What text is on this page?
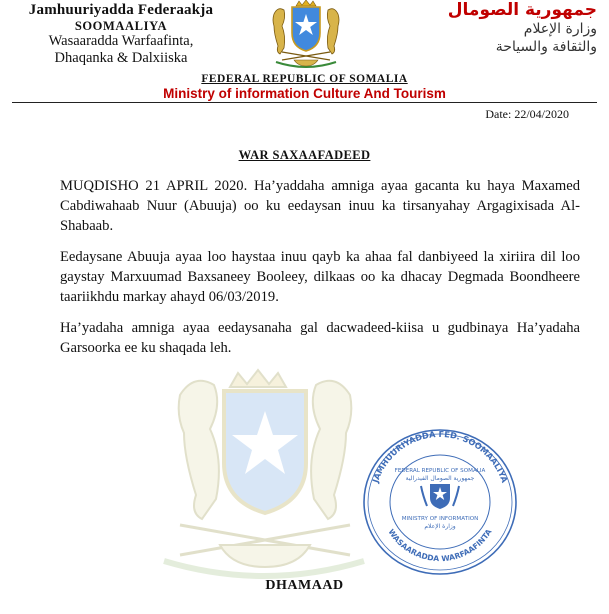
Jamhuuriyadda Federaakja
SOOMAALIYA
Wasaaradda Warfaafinta,
Dhaqanka & Dalxiiska
جمهورية الصومال
وزارة الإعلام
والثقافة والسياحة
FEDERAL REPUBLIC OF SOMALIA
Ministry of information Culture And Tourism
Date: 22/04/2020
JAMHUURIYADDA FED. SOOMAALIYA
WASAARADDA WARFAAFINTA
FEDERAL REPUBLIC OF SOMALIA
جمهورية الصومال الفيدرالية
MINISTRY OF INFORMATION
وزارة الإعلام
WAR SAXAAFADEED
MUQDISHO 21 APRIL 2020. Ha’yaddaha amniga ayaa gacanta ku haya Maxamed Cabdiwahaab Nuur (Abuuja) oo ku eedaysan inuu ka tirsanyahay Argagixisada Al-Shabaab.
Eedaysane Abuuja ayaa loo haystaa inuu qayb ka ahaa fal danbiyeed la xiriira dil loo gaystay Marxuumad Baxsaneey Booleey, dilkaas oo ka dhacay Degmada Boondheere taariikhdu markay ahayd 06/03/2019.
Ha’yadaha amniga ayaa eedaysanaha gal dacwadeed-kiisa u gudbinaya Ha’yadaha Garsoorka ee ku shaqada leh.
DHAMAAD
